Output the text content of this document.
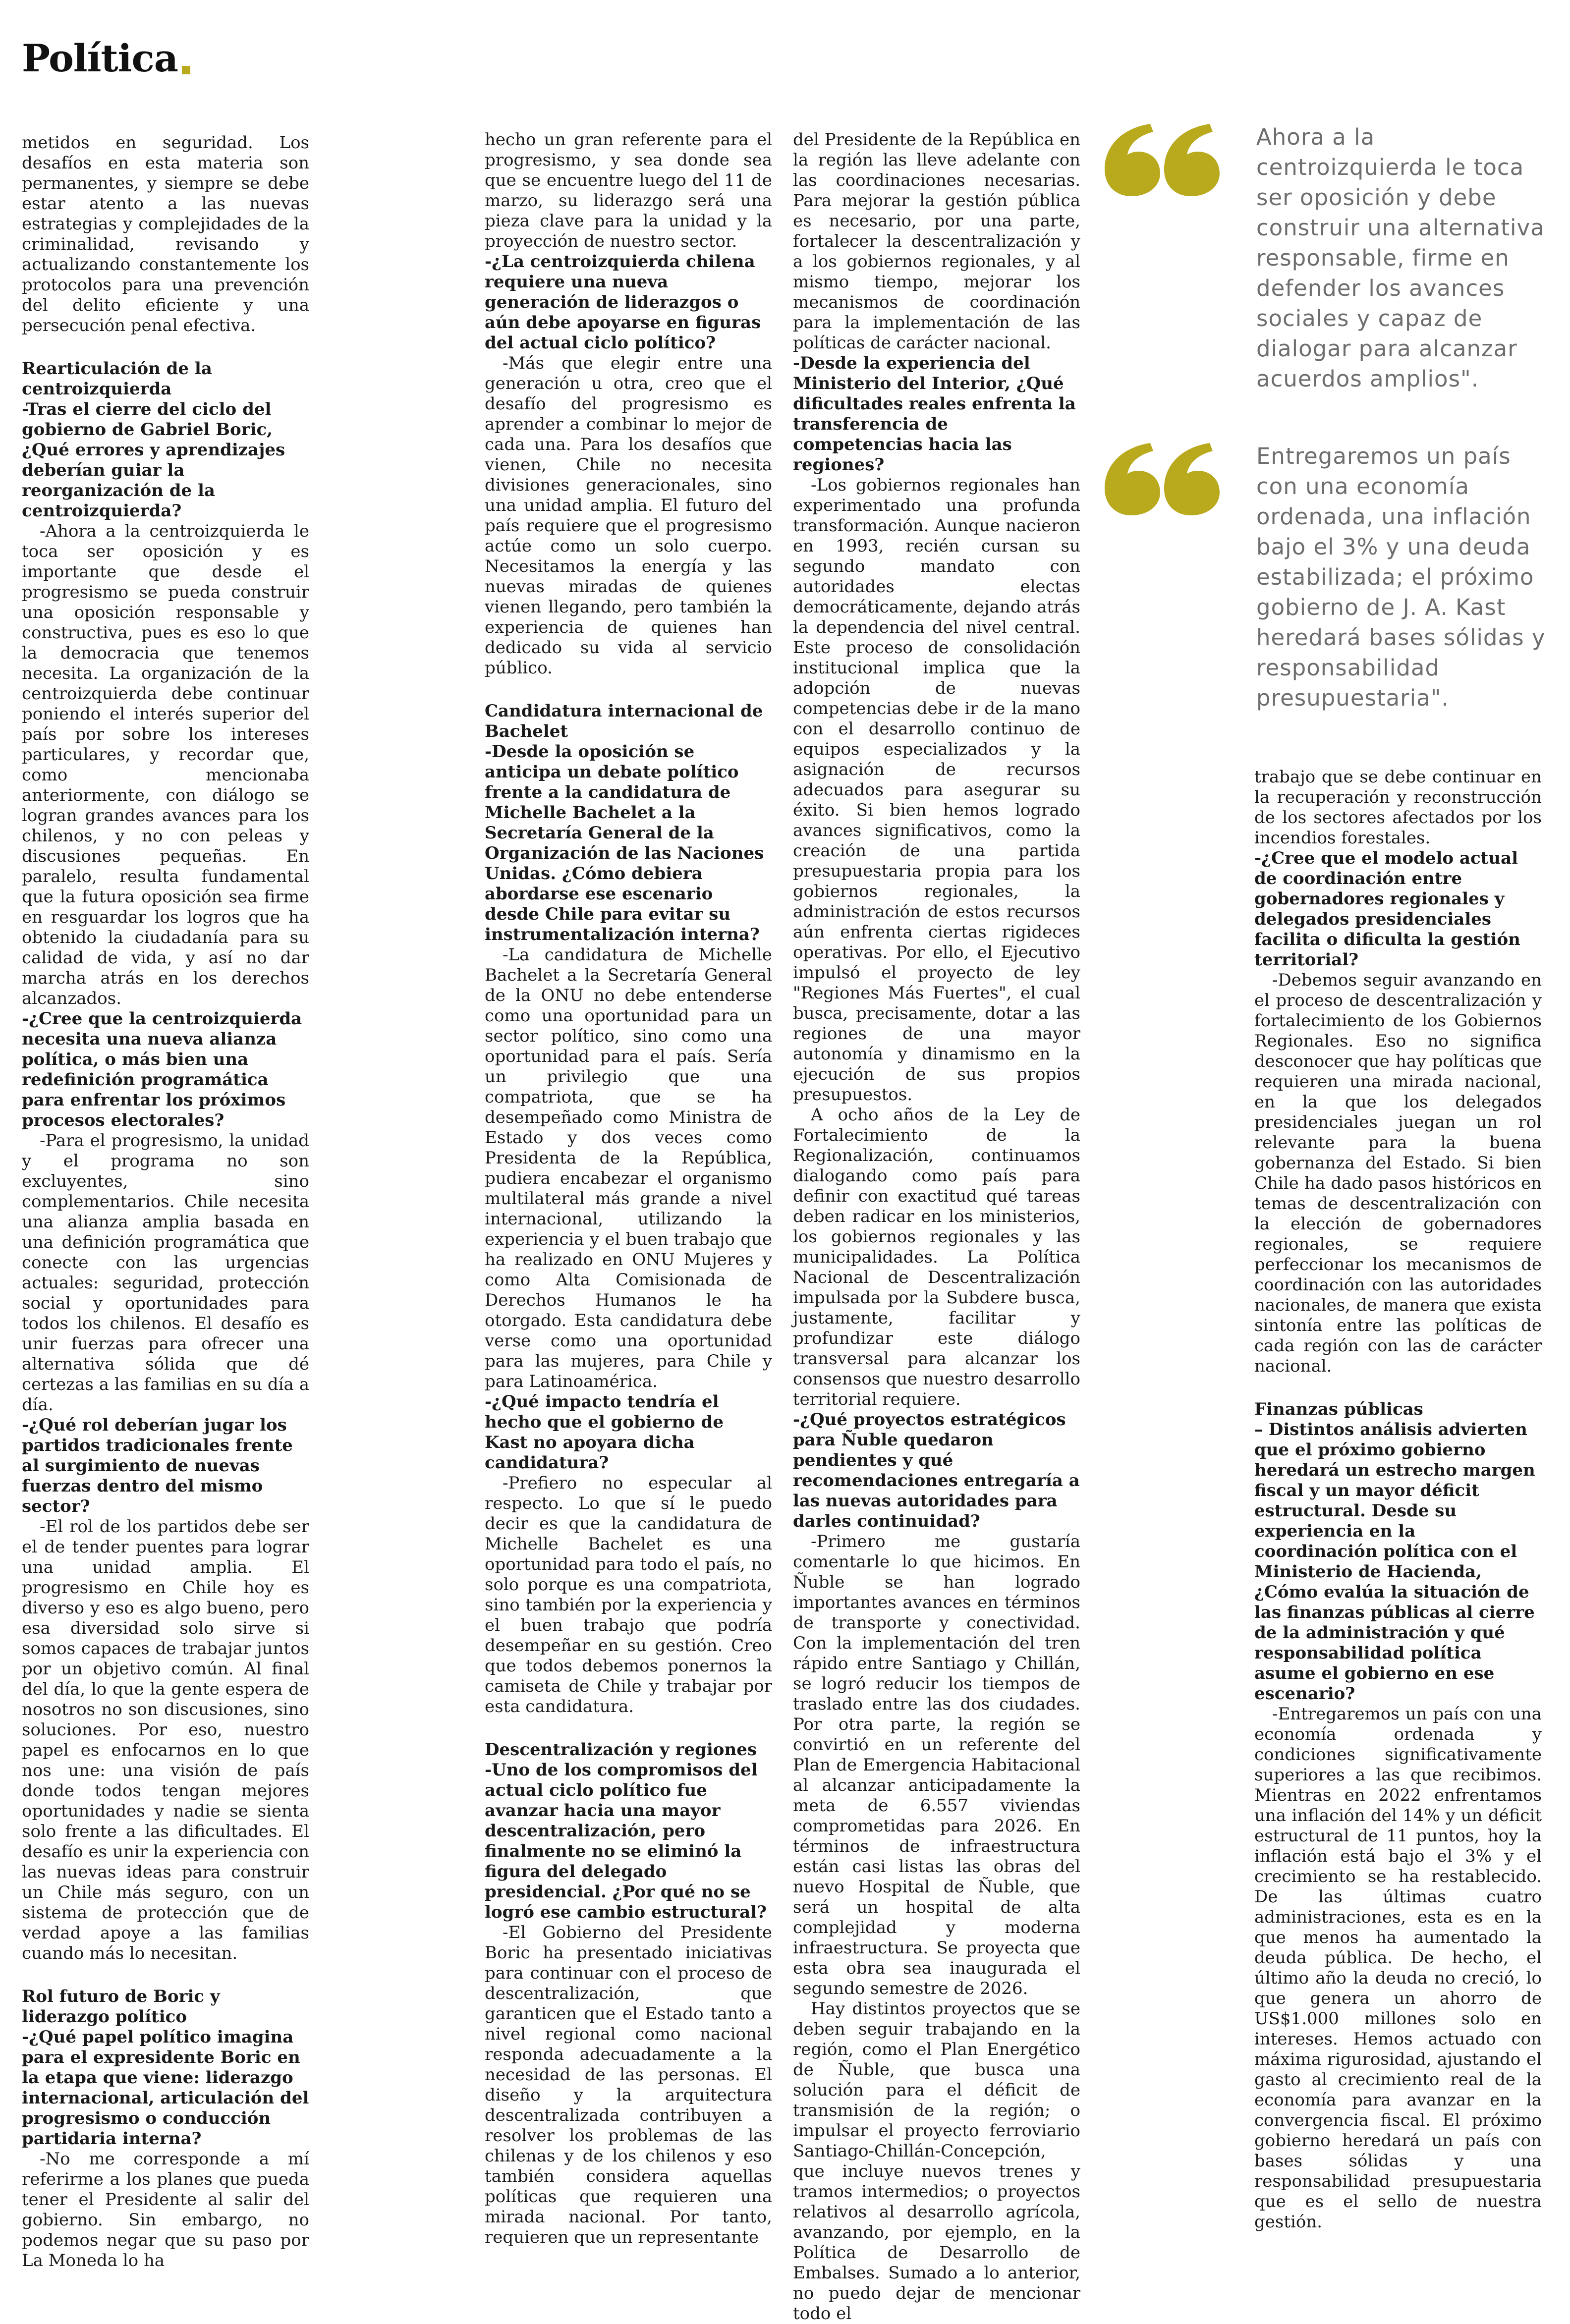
Política

metidos en seguridad. Los desafíos en esta materia son permanentes, y siempre se debe estar atento a las nuevas estrategias y complejidades de la criminalidad, revisando y actualizando constantemente los protocolos para una prevención del delito eficiente y una persecución penal efectiva.

Rearticulación de la centroizquierda

-Tras el cierre del ciclo del gobierno de Gabriel Boric, ¿Qué errores y aprendizajes deberían guiar la reorganización de la centroizquierda?

-Ahora a la centroizquierda le toca ser oposición y es importante que desde el progresismo se pueda construir una oposición responsable y constructiva, pues es eso lo que la democracia que tenemos necesita. La organización de la centroizquierda debe continuar poniendo el interés superior del país por sobre los intereses particulares, y recordar que, como mencionaba anteriormente, con diálogo se logran grandes avances para los chilenos, y no con peleas y discusiones pequeñas. En paralelo, resulta fundamental que la futura oposición sea firme en resguardar los logros que ha obtenido la ciudadanía para su calidad de vida, y así no dar marcha atrás en los derechos alcanzados.

-¿Cree que la centroizquierda necesita una nueva alianza política, o más bien una redefinición programática para enfrentar los próximos procesos electorales?

-Para el progresismo, la unidad y el programa no son excluyentes, sino complementarios. Chile necesita una alianza amplia basada en una definición programática que conecte con las urgencias actuales: seguridad, protección social y oportunidades para todos los chilenos. El desafío es unir fuerzas para ofrecer una alternativa sólida que dé certezas a las familias en su día a día.

-¿Qué rol deberían jugar los partidos tradicionales frente al surgimiento de nuevas fuerzas dentro del mismo sector?

-El rol de los partidos debe ser el de tender puentes para lograr una unidad amplia. El progresismo en Chile hoy es diverso y eso es algo bueno, pero esa diversidad solo sirve si somos capaces de trabajar juntos por un objetivo común. Al final del día, lo que la gente espera de nosotros no son discusiones, sino soluciones. Por eso, nuestro papel es enfocarnos en lo que nos une: una visión de país donde todos tengan mejores oportunidades y nadie se sienta solo frente a las dificultades. El desafío es unir la experiencia con las nuevas ideas para construir un Chile más seguro, con un sistema de protección que de verdad apoye a las familias cuando más lo necesitan.

Rol futuro de Boric y liderazgo político

-¿Qué papel político imagina para el expresidente Boric en la etapa que viene: liderazgo internacional, articulación del progresismo o conducción partidaria interna?

-No me corresponde a mí referirme a los planes que pueda tener el Presidente al salir del gobierno. Sin embargo, no podemos negar que su paso por La Moneda lo ha

hecho un gran referente para el progresismo, y sea donde sea que se encuentre luego del 11 de marzo, su liderazgo será una pieza clave para la unidad y la proyección de nuestro sector.

-¿La centroizquierda chilena requiere una nueva generación de liderazgos o aún debe apoyarse en figuras del actual ciclo político?

-Más que elegir entre una generación u otra, creo que el desafío del progresismo es aprender a combinar lo mejor de cada una. Para los desafíos que vienen, Chile no necesita divisiones generacionales, sino una unidad amplia. El futuro del país requiere que el progresismo actúe como un solo cuerpo. Necesitamos la energía y las nuevas miradas de quienes vienen llegando, pero también la experiencia de quienes han dedicado su vida al servicio público.

Candidatura internacional de Bachelet

-Desde la oposición se anticipa un debate político frente a la candidatura de Michelle Bachelet a la Secretaría General de la Organización de las Naciones Unidas. ¿Cómo debiera abordarse ese escenario desde Chile para evitar su instrumentalización interna?

-La candidatura de Michelle Bachelet a la Secretaría General de la ONU no debe entenderse como una oportunidad para un sector político, sino como una oportunidad para el país. Sería un privilegio que una compatriota, que se ha desempeñado como Ministra de Estado y dos veces como Presidenta de la República, pudiera encabezar el organismo multilateral más grande a nivel internacional, utilizando la experiencia y el buen trabajo que ha realizado en ONU Mujeres y como Alta Comisionada de Derechos Humanos le ha otorgado. Esta candidatura debe verse como una oportunidad para las mujeres, para Chile y para Latinoamérica.

-¿Qué impacto tendría el hecho que el gobierno de Kast no apoyara dicha candidatura?

-Prefiero no especular al respecto. Lo que sí le puedo decir es que la candidatura de Michelle Bachelet es una oportunidad para todo el país, no solo porque es una compatriota, sino también por la experiencia y el buen trabajo que podría desempeñar en su gestión. Creo que todos debemos ponernos la camiseta de Chile y trabajar por esta candidatura.

Descentralización y regiones

-Uno de los compromisos del actual ciclo político fue avanzar hacia una mayor descentralización, pero finalmente no se eliminó la figura del delegado presidencial. ¿Por qué no se logró ese cambio estructural?

-El Gobierno del Presidente Boric ha presentado iniciativas para continuar con el proceso de descentralización, que garanticen que el Estado tanto a nivel regional como nacional responda adecuadamente a la necesidad de las personas. El diseño y la arquitectura descentralizada contribuyen a resolver los problemas de las chilenas y de los chilenos y eso también considera aquellas políticas que requieren una mirada nacional. Por tanto, requieren que un representante

del Presidente de la República en la región las lleve adelante con las coordinaciones necesarias. Para mejorar la gestión pública es necesario, por una parte, fortalecer la descentralización y a los gobiernos regionales, y al mismo tiempo, mejorar los mecanismos de coordinación para la implementación de las políticas de carácter nacional.

-Desde la experiencia del Ministerio del Interior, ¿Qué dificultades reales enfrenta la transferencia de competencias hacia las regiones?

-Los gobiernos regionales han experimentado una profunda transformación. Aunque nacieron en 1993, recién cursan su segundo mandato con autoridades electas democráticamente, dejando atrás la dependencia del nivel central. Este proceso de consolidación institucional implica que la adopción de nuevas competencias debe ir de la mano con el desarrollo continuo de equipos especializados y la asignación de recursos adecuados para asegurar su éxito. Si bien hemos logrado avances significativos, como la creación de una partida presupuestaria propia para los gobiernos regionales, la administración de estos recursos aún enfrenta ciertas rigideces operativas. Por ello, el Ejecutivo impulsó el proyecto de ley "Regiones Más Fuertes", el cual busca, precisamente, dotar a las regiones de una mayor autonomía y dinamismo en la ejecución de sus propios presupuestos.

A ocho años de la Ley de Fortalecimiento de la Regionalización, continuamos dialogando como país para definir con exactitud qué tareas deben radicar en los ministerios, los gobiernos regionales y las municipalidades. La Política Nacional de Descentralización impulsada por la Subdere busca, justamente, facilitar y profundizar este diálogo transversal para alcanzar los consensos que nuestro desarrollo territorial requiere.

-¿Qué proyectos estratégicos para Ñuble quedaron pendientes y qué recomendaciones entregaría a las nuevas autoridades para darles continuidad?

-Primero me gustaría comentarle lo que hicimos. En Ñuble se han logrado importantes avances en términos de transporte y conectividad. Con la implementación del tren rápido entre Santiago y Chillán, se logró reducir los tiempos de traslado entre las dos ciudades. Por otra parte, la región se convirtió en un referente del Plan de Emergencia Habitacional al alcanzar anticipadamente la meta de 6.557 viviendas comprometidas para 2026. En términos de infraestructura están casi listas las obras del nuevo Hospital de Ñuble, que será un hospital de alta complejidad y moderna infraestructura. Se proyecta que esta obra sea inaugurada el segundo semestre de 2026.

Hay distintos proyectos que se deben seguir trabajando en la región, como el Plan Energético de Ñuble, que busca una solución para el déficit de transmisión de la región; o impulsar el proyecto ferroviario Santiago-Chillán-Concepción, que incluye nuevos trenes y tramos intermedios; o proyectos relativos al desarrollo agrícola, avanzando, por ejemplo, en la Política de Desarrollo de Embalses. Sumado a lo anterior, no puedo dejar de mencionar todo el

Ahora a la centroizquierda le toca ser oposición y debe construir una alternativa responsable, firme en defender los avances sociales y capaz de dialogar para alcanzar acuerdos amplios".
Entregaremos un país con una economía ordenada, una inflación bajo el 3% y una deuda estabilizada; el próximo gobierno de J. A. Kast heredará bases sólidas y responsabilidad presupuestaria".

trabajo que se debe continuar en la recuperación y reconstrucción de los sectores afectados por los incendios forestales.

-¿Cree que el modelo actual de coordinación entre gobernadores regionales y delegados presidenciales facilita o dificulta la gestión territorial?

-Debemos seguir avanzando en el proceso de descentralización y fortalecimiento de los Gobiernos Regionales. Eso no significa desconocer que hay políticas que requieren una mirada nacional, en la que los delegados presidenciales juegan un rol relevante para la buena gobernanza del Estado. Si bien Chile ha dado pasos históricos en temas de descentralización con la elección de gobernadores regionales, se requiere perfeccionar los mecanismos de coordinación con las autoridades nacionales, de manera que exista sintonía entre las políticas de cada región con las de carácter nacional.

Finanzas públicas

– Distintos análisis advierten que el próximo gobierno heredará un estrecho margen fiscal y un mayor déficit estructural. Desde su experiencia en la coordinación política con el Ministerio de Hacienda, ¿Cómo evalúa la situación de las finanzas públicas al cierre de la administración y qué responsabilidad política asume el gobierno en ese escenario?

-Entregaremos un país con una economía ordenada y condiciones significativamente superiores a las que recibimos. Mientras en 2022 enfrentamos una inflación del 14% y un déficit estructural de 11 puntos, hoy la inflación está bajo el 3% y el crecimiento se ha restablecido. De las últimas cuatro administraciones, esta es en la que menos ha aumentado la deuda pública. De hecho, el último año la deuda no creció, lo que genera un ahorro de US$1.000 millones solo en intereses. Hemos actuado con máxima rigurosidad, ajustando el gasto al crecimiento real de la economía para avanzar en la convergencia fiscal. El próximo gobierno heredará un país con bases sólidas y una responsabilidad presupuestaria que es el sello de nuestra gestión.
